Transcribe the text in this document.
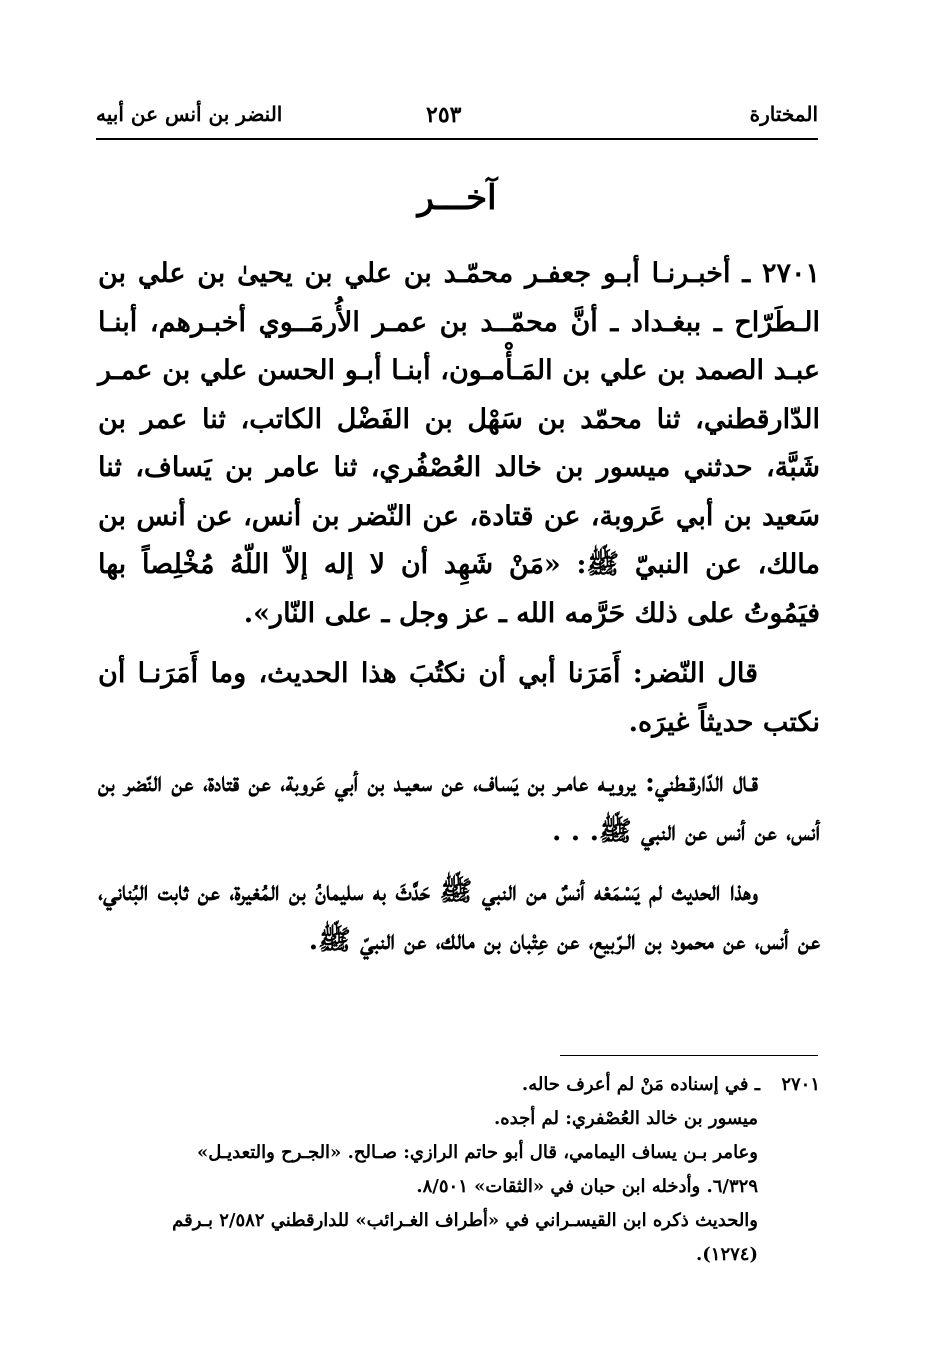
المختارة
٢٥٣
النضر بن أنس عن أبيه
آخـــر

٢٧٠١ ـ أخبـرنـا أبـو جعفـر محمّـد بن علي بن يحيىٰ بن علي بن الـطَرّاح ـ ببغـداد ـ أنَّ محمّــد بن عمـر الأُرمَــوي أخبـرهم، أبنـا عبـد الصمد بن علي بن المَـأْمـون، أبنـا أبـو الحسن علي بن عمـر الدّارقطني، ثنا محمّد بن سَهْل بن الفَضْل الكاتب، ثنا عمر بن شَبَّة، حدثني ميسور بن خالد العُصْفُري، ثنا عامر بن يَساف، ثنا سَعيد بن أبي عَروبة، عن قتادة، عن النّضر بن أنس، عن أنس بن مالك، عن النبيّ ﷺ: «مَنْ شَهِد أن لا إله إلاّ اللّهُ مُخْلِصاً بها فيَمُوتُ على ذلك حَرَّمه الله ـ عز وجل ـ على النّار».

قال النّضر: أَمَرَنا أبي أن نكتُبَ هذا الحديث، وما أَمَرَنـا أن نكتب حديثاً غيرَه.

قـال الدّارقـطني: يرويـه عامـر بن يَساف، عن سعيـد بن أبي عَروبة، عن قتادة، عن النّضر بن أنس، عن أنس عن النبي ﷺ. . .

وهذا الحديث لم يَسْمَعْه أنسٌ من النبي ﷺ حَدَّثَ به سليمانُ بن المُغيرة، عن ثابت البُناني، عن أنس، عن محمود بن الـرّبيع، عن عِتْبان بن مالك، عن النبيّ ﷺ.

٢٧٠١ـ في إسناده مَنْ لم أعرف حاله.

ميسور بن خالد العُصْفري: لم أجده.

وعامر بـن يساف اليمامي، قال أبو حاتم الرازي: صـالح. «الجـرح والتعديـل»

٦/٣٢٩. وأدخله ابن حبان في «الثقات» ٨/٥٠١.

والحديث ذكره ابن القيسـراني في «أطراف الغـرائب» للدارقطني ٢/٥٨٢ بـرقم

(١٢٧٤).
